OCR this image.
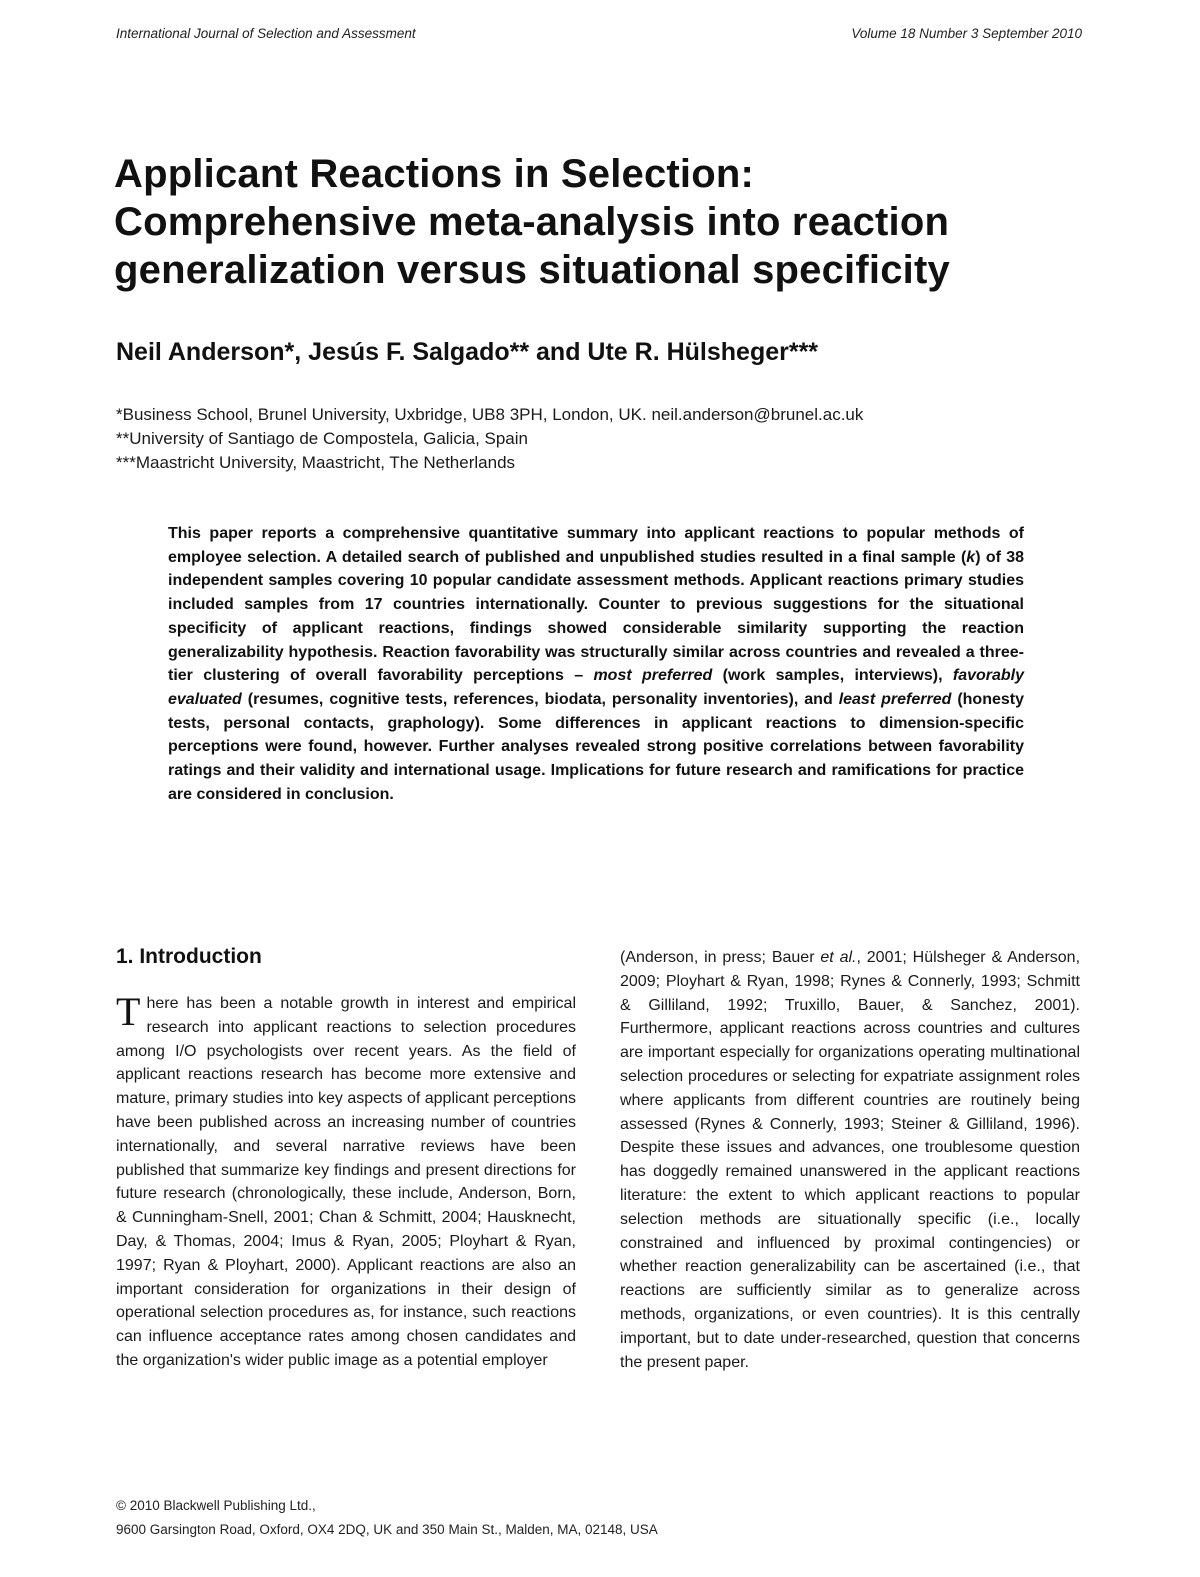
International Journal of Selection and Assessment	Volume 18 Number 3 September 2010
Applicant Reactions in Selection:
Comprehensive meta-analysis into reaction
generalization versus situational specificity
Neil Anderson*, Jesús F. Salgado** and Ute R. Hülsheger***
*Business School, Brunel University, Uxbridge, UB8 3PH, London, UK. neil.anderson@brunel.ac.uk
**University of Santiago de Compostela, Galicia, Spain
***Maastricht University, Maastricht, The Netherlands

This paper reports a comprehensive quantitative summary into applicant reactions to popular methods of employee selection. A detailed search of published and unpublished studies resulted in a final sample (k) of 38 independent samples covering 10 popular candidate assessment methods. Applicant reactions primary studies included samples from 17 countries internationally. Counter to previous suggestions for the situational specificity of applicant reactions, findings showed considerable similarity supporting the reaction generalizability hypothesis. Reaction favorability was structurally similar across countries and revealed a three-tier clustering of overall favorability perceptions – most preferred (work samples, interviews), favorably evaluated (resumes, cognitive tests, references, biodata, personality inventories), and least preferred (honesty tests, personal contacts, graphology). Some differences in applicant reactions to dimension-specific perceptions were found, however. Further analyses revealed strong positive correlations between favorability ratings and their validity and international usage. Implications for future research and ramifications for practice are considered in conclusion.

1. Introduction

There has been a notable growth in interest and empirical research into applicant reactions to selection procedures among I/O psychologists over recent years. As the field of applicant reactions research has become more extensive and mature, primary studies into key aspects of applicant perceptions have been published across an increasing number of countries internationally, and several narrative reviews have been published that summarize key findings and present directions for future research (chronologically, these include, Anderson, Born, & Cunningham-Snell, 2001; Chan & Schmitt, 2004; Hausknecht, Day, & Thomas, 2004; Imus & Ryan, 2005; Ployhart & Ryan, 1997; Ryan & Ployhart, 2000). Applicant reactions are also an important consideration for organizations in their design of operational selection procedures as, for instance, such reactions can influence acceptance rates among chosen candidates and the organization's wider public image as a potential employer

(Anderson, in press; Bauer et al., 2001; Hülsheger & Anderson, 2009; Ployhart & Ryan, 1998; Rynes & Connerly, 1993; Schmitt & Gilliland, 1992; Truxillo, Bauer, & Sanchez, 2001). Furthermore, applicant reactions across countries and cultures are important especially for organizations operating multinational selection procedures or selecting for expatriate assignment roles where applicants from different countries are routinely being assessed (Rynes & Connerly, 1993; Steiner & Gilliland, 1996). Despite these issues and advances, one troublesome question has doggedly remained unanswered in the applicant reactions literature: the extent to which applicant reactions to popular selection methods are situationally specific (i.e., locally constrained and influenced by proximal contingencies) or whether reaction generalizability can be ascertained (i.e., that reactions are sufficiently similar as to generalize across methods, organizations, or even countries). It is this centrally important, but to date under-researched, question that concerns the present paper.

© 2010 Blackwell Publishing Ltd.,
9600 Garsington Road, Oxford, OX4 2DQ, UK and 350 Main St., Malden, MA, 02148, USA
